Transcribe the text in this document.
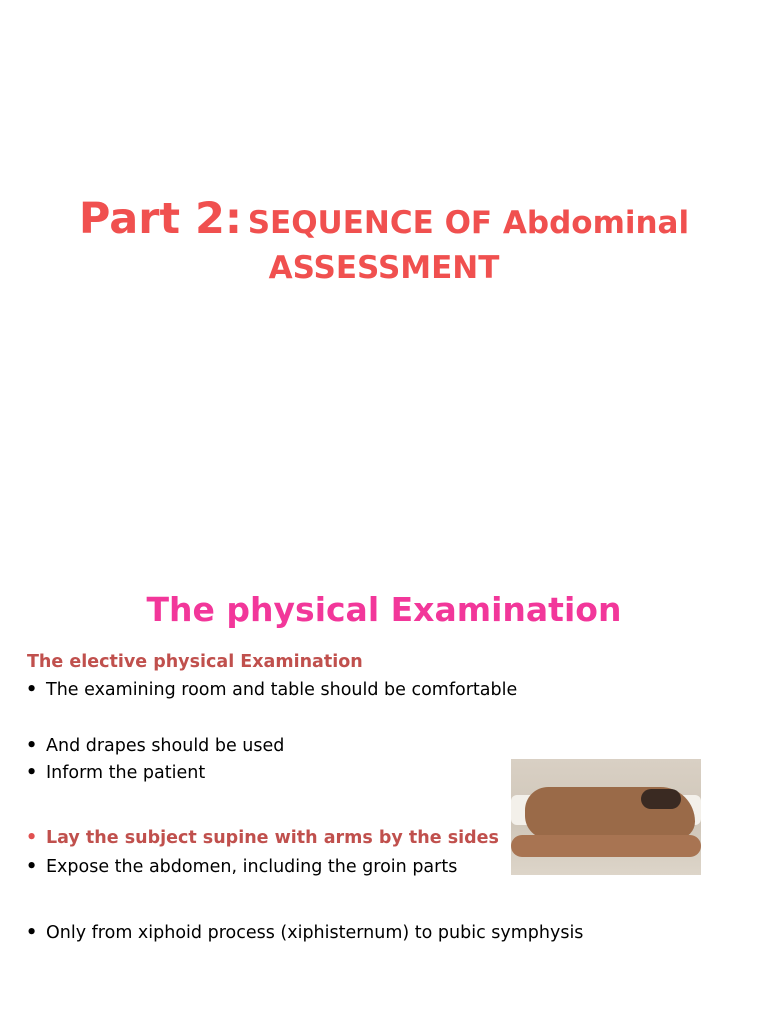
Part 2: SEQUENCE OF Abdominal
ASSESSMENT
The physical Examination
The elective physical Examination
• The examining room and table should be comfortable
• And drapes should be used
• Inform the patient
• Lay the subject supine with arms by the sides
• Expose the abdomen, including the groin parts
• Only from xiphoid process (xiphisternum) to pubic symphysis
